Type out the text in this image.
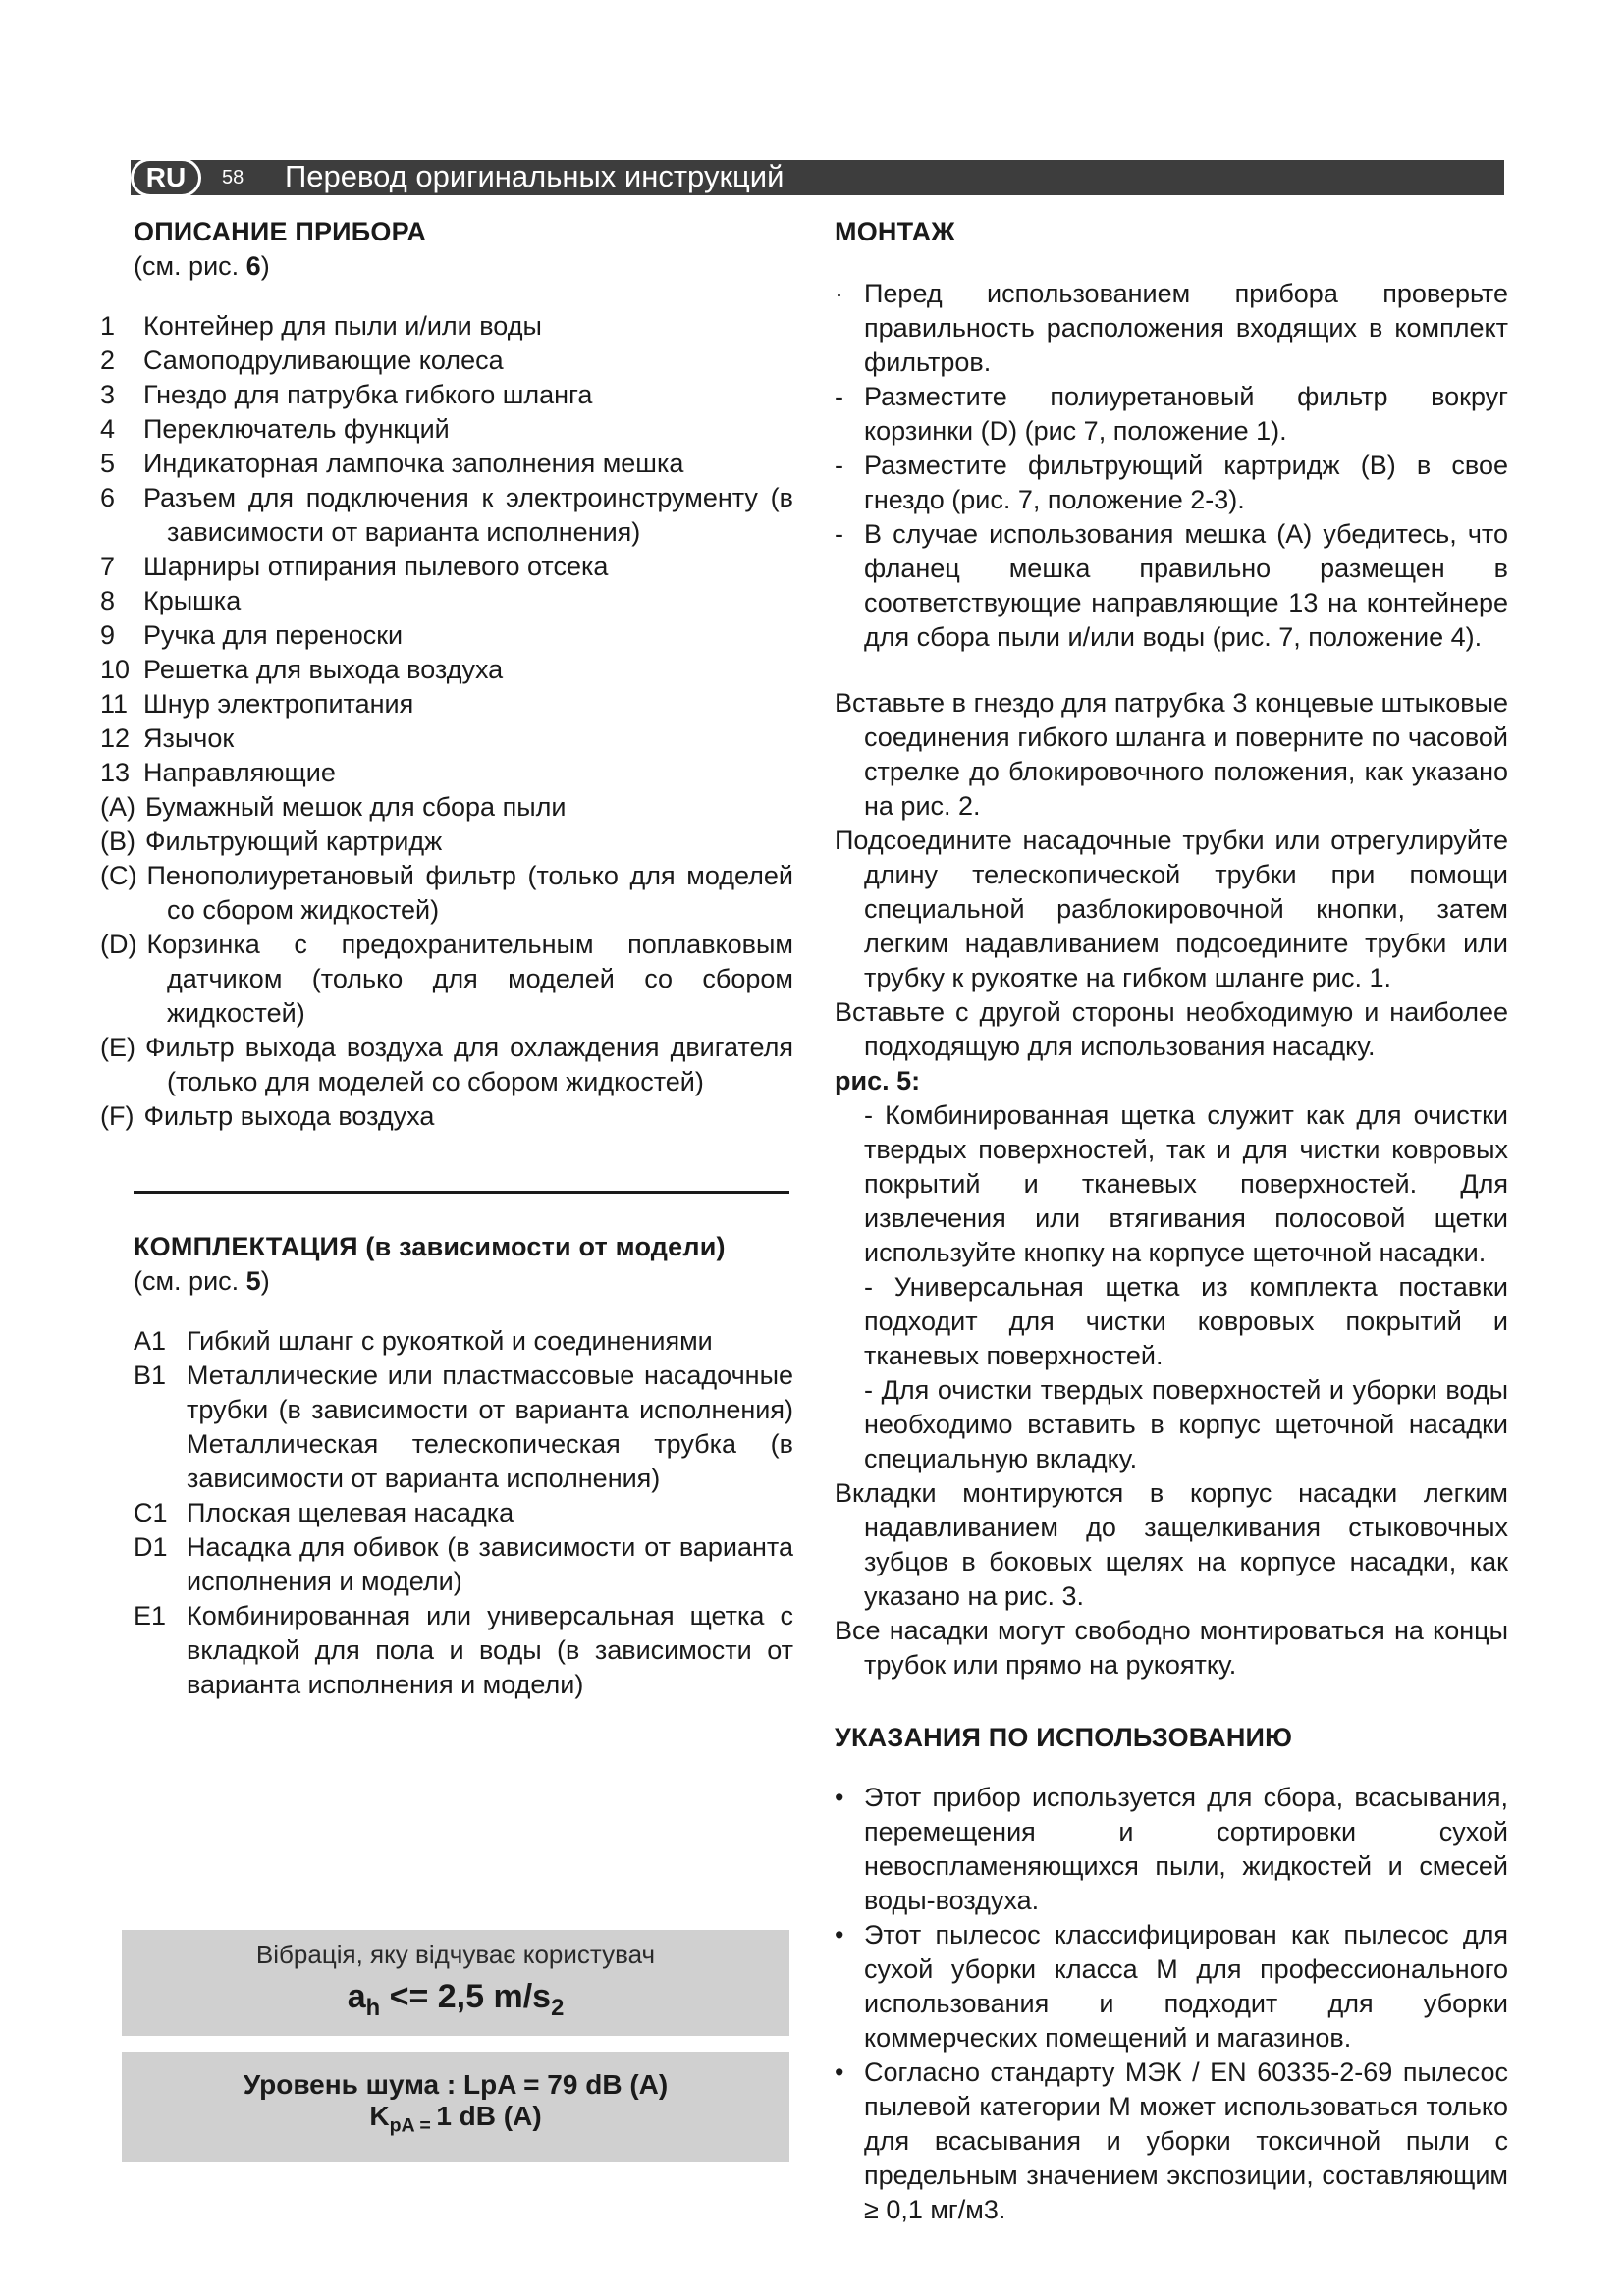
RU	58 Перевод оригинальных инструкций
ОПИСАНИЕ ПРИБОРА

(см. рис. 6)

1 Контейнер для пыли и/или воды
2 Самоподруливающие колеса
3 Гнездо для патрубка гибкого шланга
4 Переключатель функций
5 Индикаторная лампочка заполнения мешка
6 Разъем для подключения к электроинструменту (в зависимости от варианта исполнения)
7 Шарниры отпирания пылевого отсека
8 Крышка
9 Ручка для переноски
10 Решетка для выхода воздуха
11 Шнур электропитания
12 Язычок
13 Направляющие
(A) Бумажный мешок для сбора пыли
(B) Фильтрующий картридж
(C) Пенополиуретановый фильтр (только для моделей со сбором жидкостей)
(D) Корзинка с предохранительным поплавковым датчиком (только для моделей со сбором жидкостей)
(E) Фильтр выхода воздуха для охлаждения двигателя (только для моделей со сбором жидкостей)
(F) Фильтр выхода воздуха
КОМПЛЕКТАЦИЯ (в зависимости от модели)

(см. рис. 5)

A1 Гибкий шланг с рукояткой и соединениями
B1 Металлические или пластмассовые насадочные трубки (в зависимости от варианта исполнения) Металлическая телескопическая трубка (в зависимости от варианта исполнения)
C1 Плоская щелевая насадка
D1 Насадка для обивок (в зависимости от варианта исполнения и модели)
E1 Комбинированная или универсальная щетка с вкладкой для пола и воды (в зависимости от варианта исполнения и модели)
Вібрація, яку відчуває користувач
$a_h <= 2,5$ $m/s_2$
Уровень шума : LpA = 79 dB (A)
$K_{pA =}$ 1 dB (A)
МОНТАЖ

· Перед использованием прибора проверьте правильность расположения входящих в комплект фильтров.

- Разместите полиуретановый фильтр вокруг корзинки (D) (рис 7, положение 1).

- Разместите фильтрующий картридж (B) в свое гнездо (рис. 7, положение 2-3).

- В случае использования мешка (A) убедитесь, что фланец мешка правильно размещен в соответствующие направляющие 13 на контейнере для сбора пыли и/или воды (рис. 7, положение 4).

Вставьте в гнездо для патрубка 3 концевые штыковые соединения гибкого шланга и поверните по часовой стрелке до блокировочного положения, как указано на рис. 2.

Подсоедините насадочные трубки или отрегулируйте длину телескопической трубки при помощи специальной разблокировочной кнопки, затем легким надавливанием подсоедините трубки или трубку к рукоятке на гибком шланге рис. 1.

Вставьте с другой стороны необходимую и наиболее подходящую для использования насадку.

рис. 5:

- Комбинированная щетка служит как для очистки твердых поверхностей, так и для чистки ковровых покрытий и тканевых поверхностей. Для извлечения или втягивания полосовой щетки используйте кнопку на корпусе щеточной насадки.

- Универсальная щетка из комплекта поставки подходит для чистки ковровых покрытий и тканевых поверхностей.

- Для очистки твердых поверхностей и уборки воды необходимо вставить в корпус щеточной насадки специальную вкладку.

Вкладки монтируются в корпус насадки легким надавливанием до защелкивания стыковочных зубцов в боковых щелях на корпусе насадки, как указано на рис. 3.

Все насадки могут свободно монтироваться на концы трубок или прямо на рукоятку.

УКАЗАНИЯ ПО ИСПОЛЬЗОВАНИЮ

• Этот прибор используется для сбора, всасывания, перемещения и сортировки сухой невоспламеняющихся пыли, жидкостей и смесей воды-воздуха.

• Этот пылесос классифицирован как пылесос для сухой уборки класса M для профессионального использования и подходит для уборки коммерческих помещений и магазинов.

• Согласно стандарту МЭК / EN 60335-2-69 пылесос пылевой категории M может использоваться только для всасывания и уборки токсичной пыли с предельным значением экспозиции, составляющим ≥ 0,1 мг/м3.
